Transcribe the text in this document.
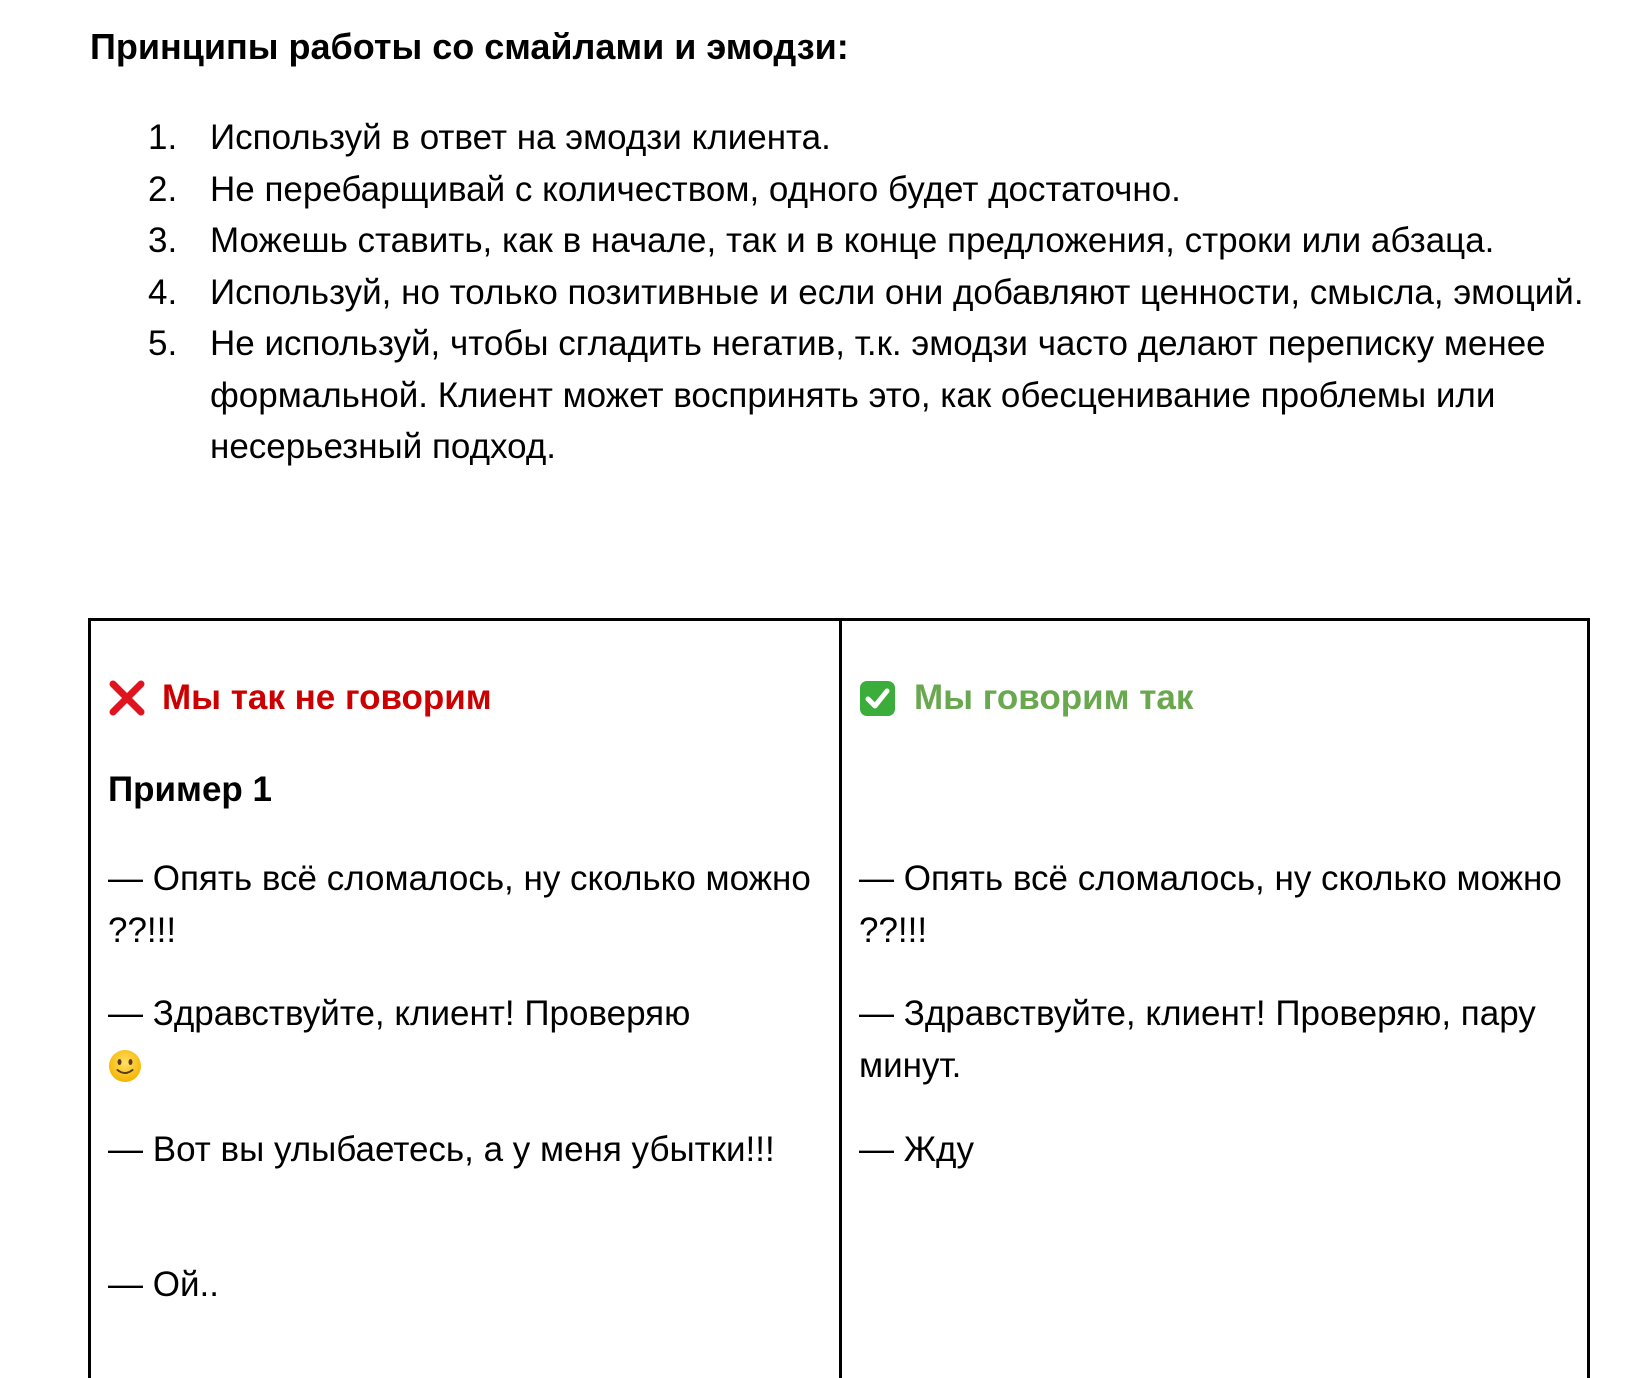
Принципы работы со смайлами и эмодзи:
1. Используй в ответ на эмодзи клиента.
2. Не перебарщивай с количеством, одного будет достаточно.
3. Можешь ставить, как в начале, так и в конце предложения, строки или абзаца.
4. Используй, но только позитивные и если они добавляют ценности, смысла, эмоций.
5. Не используй, чтобы сгладить негатив, т.к. эмодзи часто делают переписку менее формальной. Клиент может воспринять это, как обесценивание проблемы или несерьезный подход.
Мы так не говорим
Пример 1
— Опять всё сломалось, ну сколько можно ??!!!
— Здравствуйте, клиент! Проверяю

— Вот вы улыбаетесь, а у меня убытки!!!
— Ой..
Мы говорим так
— Опять всё сломалось, ну сколько можно ??!!!
— Здравствуйте, клиент! Проверяю, пару минут.
— Жду
